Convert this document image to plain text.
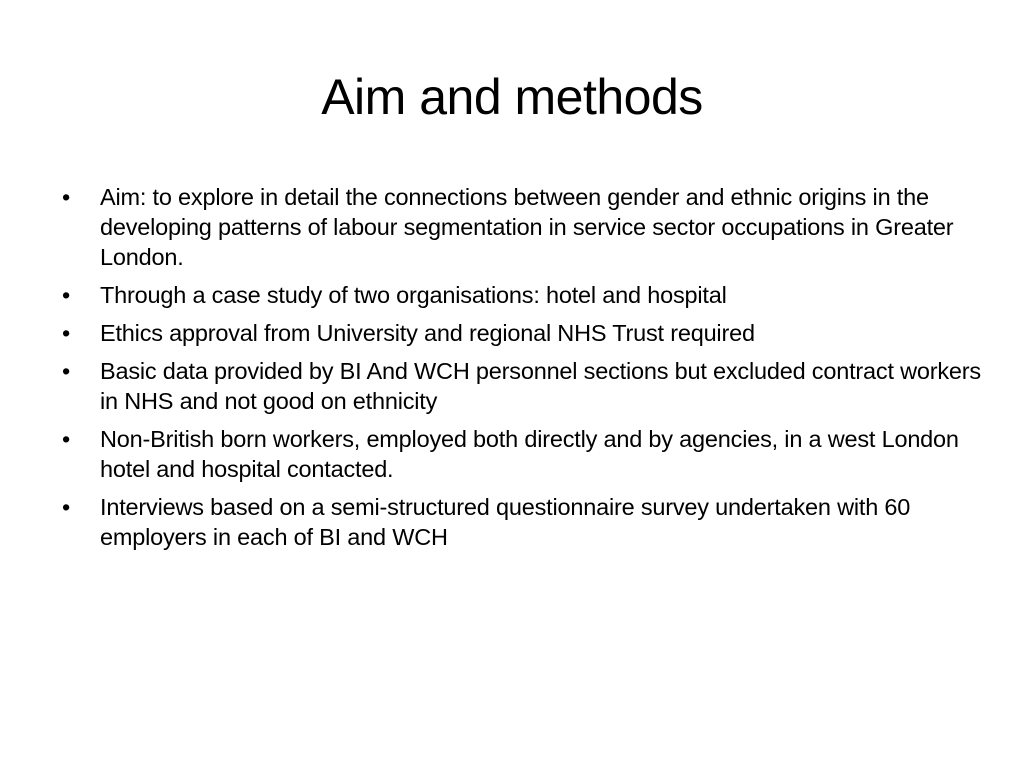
Aim and methods
•	Aim: to explore in detail the connections between gender and ethnic origins in the developing patterns of labour segmentation in service sector occupations in Greater London.
•	Through a case study of two organisations: hotel and hospital
•	Ethics approval from University and regional NHS Trust required
•	Basic data provided by BI And WCH personnel sections but excluded contract workers in NHS and not good on ethnicity
•	Non-British born workers, employed both directly and by agencies, in a west London hotel and hospital contacted.
•	Interviews based on a semi-structured questionnaire survey undertaken with 60 employers in each of BI and WCH
